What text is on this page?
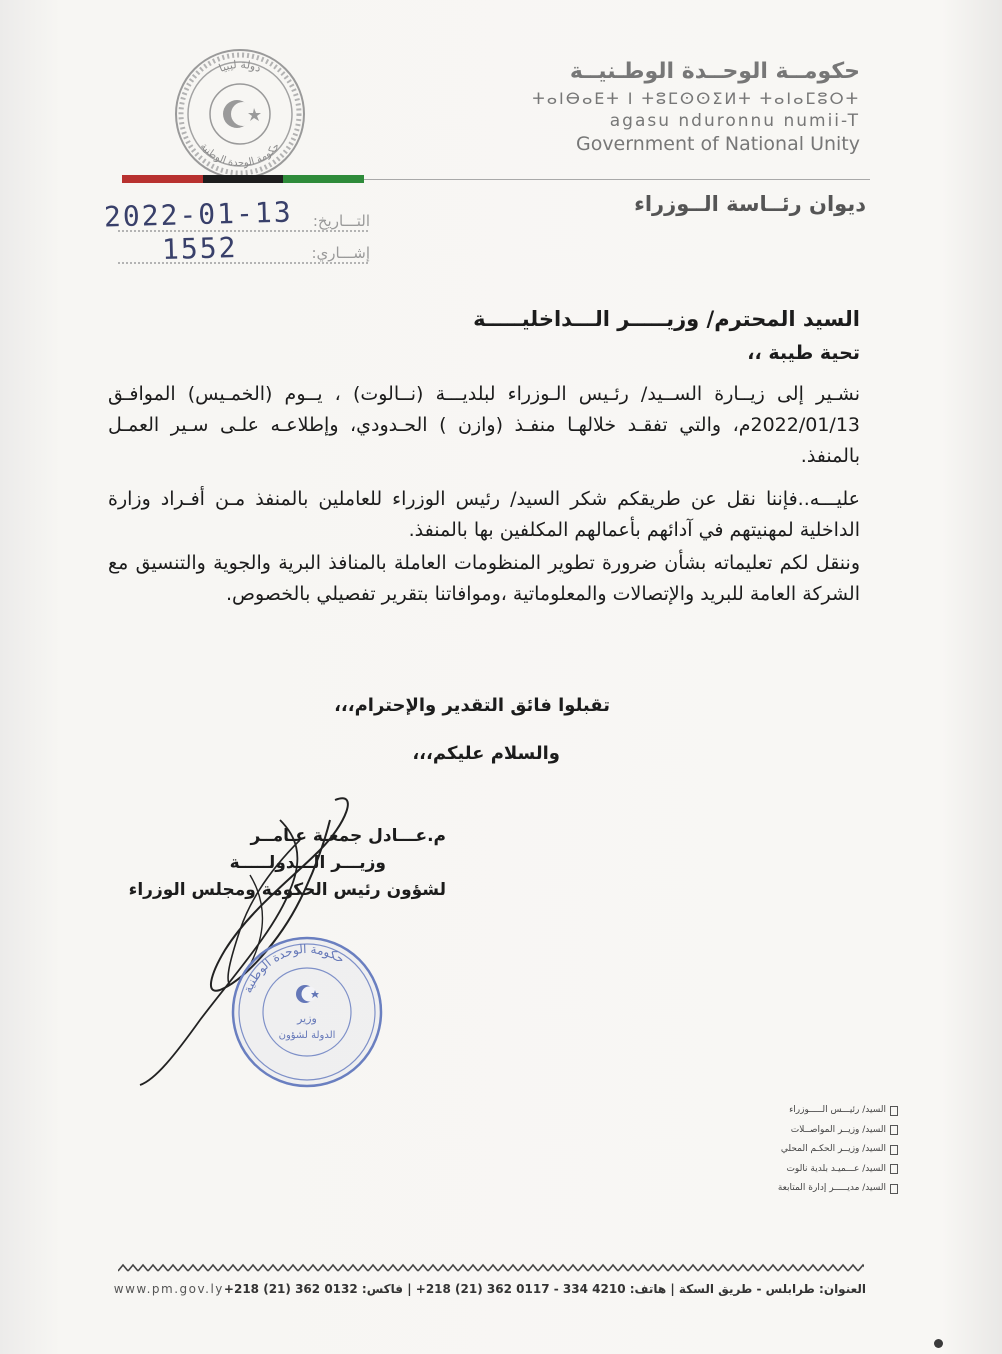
دولة ليبيا
حكومة الوحدة الوطنية
حكومــة الوحــدة الوطـنيــة
ⵜⴰⵏⴱⴰⴹⵜ ⵏ ⵜⵓⵎⵙⵙⵉⵍⵜ ⵜⴰⵏⴰⵎⵓⵔⵜ
agasu nduronnu numii-T
Government of National Unity
ديوان رئــاسة الــوزراء
التـــاريخ:
2022-01-13
إشـــاري:
1552
السيد المحترم/ وزيـــــر الـــداخليـــــة
تحية طيبة ،،
نشـير إلى زيــارة الســيد/ رئـيس الـوزراء لبلديـــة (نــالوت) ، يــوم (الخمـيس) الموافـق 2022/01/13م، والتي تفقـد خلالهـا منفـذ (وازن ) الحـدودي، وإطلاعـه علـى سـير العمـل بالمنفذ.
عليـــه..فإننا نقل عن طريقكم شكر السيد/ رئيس الوزراء للعاملين بالمنفذ مـن أفـراد وزارة الداخلية لمهنيتهم في آدائهم بأعمالهم المكلفين بها بالمنفذ.
وننقل لكم تعليماته بشأن ضرورة تطوير المنظومات العاملة بالمنافذ البرية والجوية والتنسيق مع الشركة العامة للبريد والإتصالات والمعلوماتية ،وموافاتنا بتقرير تفصيلي بالخصوص.
تقبلوا فائق التقدير والإحترام،،،
والسلام عليكم،،،
م.عـــادل جمعـة عـامــر
وزيـــر الـــدولـــــة
لشؤون رئيس الحكومة ومجلس الوزراء
حكومة الوحدة الوطنية
وزير
الدولة لشؤون
السيد/ رئيـــس الـــــوزراء
السيد/ وزيــر المواصــلات
السيد/ وزيــر الحكـم المحلي
السيد/ عـــميـد بلدية نالوت
السيد/ مديـــــر إدارة المتابعة
العنوان: طرابلس - طريق السكة | هاتف: 4210 334 - 0117 362 (21) 218+ | فاكس: 0132 362 (21) 218+
www.pm.gov.ly
